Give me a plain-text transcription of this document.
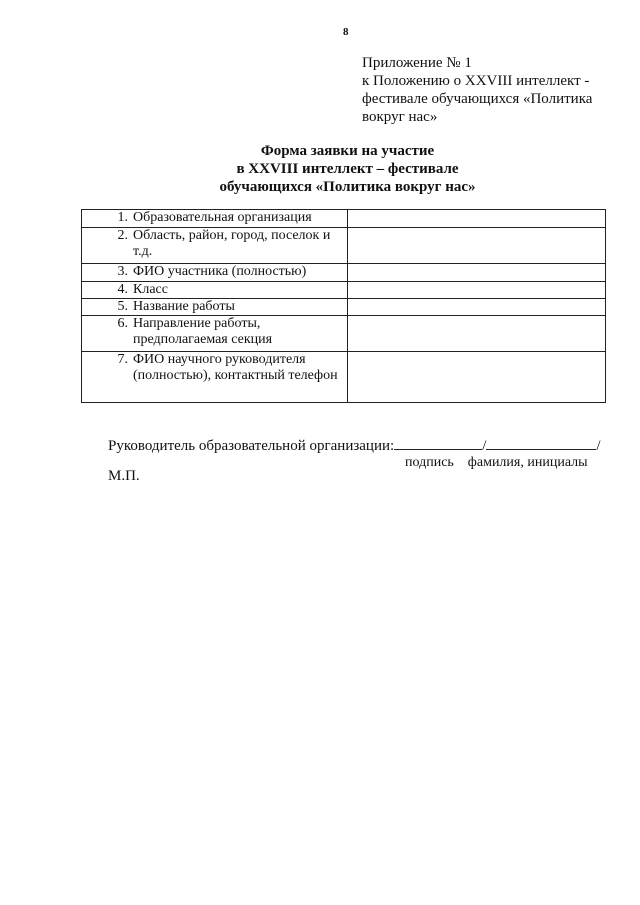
8
Приложение № 1
к Положению о XXVIII интеллект -
фестивале обучающихся «Политика
вокруг нас»
Форма заявки на участие
в XXVIII интеллект – фестивале
обучающихся «Политика вокруг нас»
1. Образовательная организация	

2. Область, район, город, поселок и т.д.	

3. ФИО участника (полностью)	

4. Класс	

5. Название работы	

6. Направление работы, предполагаемая секция	

7. ФИО научного руководителя (полностью), контактный телефон	

Руководитель образовательной организации:	/	/
подпись фамилия, инициалы
М.П.
